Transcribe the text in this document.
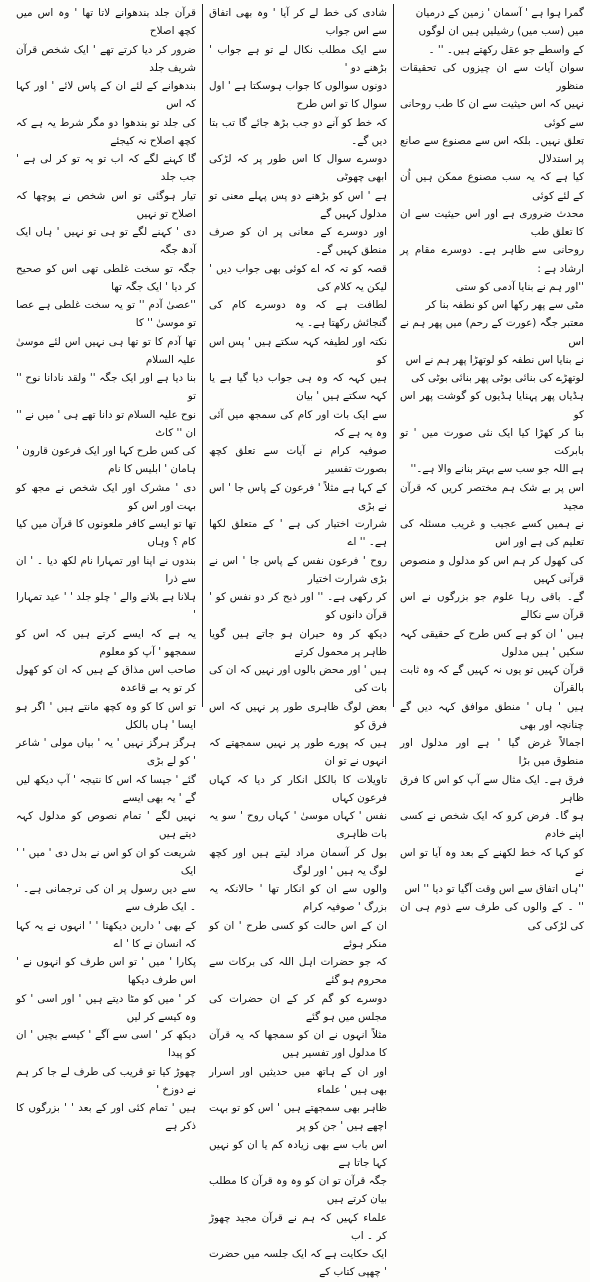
گمرا ہوا ہے ' آسمان ' زمین کے درمیان

میں (سب میں) رشیلیں ہیں ان لوگوں

کے واسطے جو عقل رکھتے ہیں۔ '' ۔

سوان آیات سے ان چیزوں کی تحقیقات منظور

نہیں کہ اس حیثیت سے ان کا طب روحانی سے کوئی

تعلق نہیں۔ بلکہ اس سے مصنوع سے صانع پر استدلال

کیا ہے کہ یہ سب مصنوع ممکن ہیں اُن کے لئے کوئی

محدث ضروری ہے اور اس حیثیت سے ان کا تعلق طب

روحانی سے ظاہر ہے۔ دوسرے مقام پر ارشاد ہے :

''اور ہم نے بنایا آدمی کو ستی

مٹی سے پھر رکھا اس کو نطفہ بنا کر

معتبر جگہ (عورت کے رحم) میں پھر ہم نے اس

نے بنایا اس نطفہ کو لوتھڑا پھر ہم نے اس

لوتھڑے کی بنائی بوٹی پھر بنائی بوٹی کی

ہڈیاں پھر پہنایا ہڈیوں کو گوشت پھر اس کو

بنا کر کھڑا کیا ایک نئی صورت میں ' تو بابرکت

ہے اللہ جو سب سے بہتر بنانے والا ہے۔''

اس پر بے شک ہم مختصر کریں کہ قرآن مجید

نے ہمیں کسے عجیب و غریب مسئلہ کی تعلیم کی ہے اور اس

کی کھول کر ہم اس کو مدلول و منصوص قرآنی کہیں

گے۔ باقی رہا علوم جو بزرگوں نے اس قرآن سے نکالے

ہیں ' ان کو ہے کس طرح کے حقیقی کہہ سکیں ' ہیں مدلول

قرآن کہیں تو یوں نہ کہیں گے کہ وہ ثابت بالقرآن

ہیں ' ہاں ' منطق موافق کہہ دیں گے چنانچہ اور بھی

اجمالاً غرض گیا ' ہے اور مدلول اور منطوق میں بڑا

فرق ہے۔ ایک مثال سے آپ کو اس کا فرق ظاہر

ہو گا۔ فرض کرو کہ ایک شخص نے کسی اپنے خادم

کو کہا کہ خط لکھنے کے بعد وہ آیا تو اس نے

''ہاں اتفاق سے اس وقت آگیا تو دیا '' اس

'' ۔ کے والوں کی طرف سے ذوم ہی ان کی لڑکی کی

شادی کی خط لے کر آیا ' وہ بھی اتفاق سے اس جواب

سے ایک مطلب نکال لے تو ہے جواب ' بڑھنے دو '

دونوں سوالوں کا جواب ہوسکتا ہے ' اول سوال کا تو اس طرح

کہ خط کو آنے دو جب بڑھ جائے گا تب بتا دیں گے۔

دوسرے سوال کا اس طور پر کہ لڑکی ابھی چھوٹی

ہے ' اس کو بڑھنے دو پس پہلے معنی تو مدلول کہیں گے

اور دوسرے کے معانی پر ان کو صرف منطق کہیں گے۔

قصہ کو تہ کہ اے کوئی بھی جواب دیں ' لیکن یہ کلام کی

لطافت ہے کہ وہ دوسرے کام کی گنجائش رکھتا ہے۔ یہ

نکتہ اور لطیفہ کہہ سکتے ہیں ' پس اس کو

ہیں کہہ کہ وہ ہی جواب دیا گیا ہے یا کہہ سکتے ہیں ' بیان

سے ایک بات اور کام کی سمجھ میں آئی وہ یہ ہے کہ

صوفیہ کرام نے آیات سے تعلق کچھ بصورت تفسیر

کے کہا ہے مثلاً ' فرعون کے پاس جا ' اس نے بڑی

شرارت اختیار کی ہے ' کے متعلق لکھا ہے۔ '' اے

روح ' فرعون نفس کے پاس جا ' اس نے بڑی شرارت اختیار

کر رکھی ہے۔ '' اور ذبح کر دو نفس کو ' قرآن دانوں کو

دیکھ کر وہ حیران ہو جاتے ہیں گویا ظاہر پر محمول کرتے

ہیں ' اور محض بالوں اور نہیں کہ ان کی بات کی

بعض لوگ ظاہری طور پر نہیں کہ اس فرق کو

ہیں کہ پورے طور پر نہیں سمجھتے کہ انہوں نے تو ان

تاویلات کا بالکل انکار کر دیا کہ کہاں فرعون کہاں

نفس ' کہاں موسیٰ ' کہاں روح ' سو یہ بات ظاہری

بول کر آسمان مراد لیتے ہیں اور کچھ لوگ یہ ہیں ' اور لوگ

والوں سے ان کو انکار تھا ' حالانکہ یہ بزرگ ' صوفیہ کرام

ان کے اس حالت کو کسی طرح ' ان کو منکر ہوئے

کہ جو حضرات اہل اللہ کی برکات سے محروم ہو گئے

دوسرے کو گم کر کے ان حضرات کی مجلس میں ہو گئے

مثلاً انہوں نے ان کو سمجھا کہ یہ قرآن کا مدلول اور تفسیر ہیں

اور ان کے ہاتھ میں حدیثیں اور اسرار بھی ہیں ' علماء

ظاہر بھی سمجھتے ہیں ' اس کو تو بہت اچھے ہیں ' جن کو پر

اس باب سے بھی زیادہ کم یا ان کو نہیں کہا جاتا ہے

جگہ قرآن تو ان کو وہ وہ قرآن کا مطلب بیان کرتے ہیں

علماء کہیں کہ ہم نے قرآن مجید چھوڑ کر ۔ اب

ایک حکایت ہے کہ ایک جلسہ میں حضرت ' چھپی کتاب کے

قرآن جلد بندھوانے لاتا تھا ' وہ اس میں کچھ اصلاح

ضرور کر دیا کرتے تھے ' ایک شخص قرآن شریف جلد

بندھوانے کے لئے ان کے پاس لائے ' اور کہا کہ اس

کی جلد تو بندھوا دو مگر شرط یہ ہے کہ کچھ اصلاح نہ کیجئے

گا کہنے لگے کہ اب تو یہ تو کر لی ہے ' جب جلد

تیار ہوگئی تو اس شخص نے پوچھا کہ اصلاح تو نہیں

دی ' کہنے لگے تو ہی تو نہیں ' ہاں ایک آدھ جگہ

جگہ تو سخت غلطی تھی اس کو صحیح کر دیا ' ایک جگہ تھا

''عصیٰ آدم '' تو یہ سخت غلطی ہے عصا تو موسیٰ '' کا

تھا آدم کا تو تھا ہی نہیں اس لئے موسیٰ علیہ السلام

بنا دیا ہے اور ایک جگہ '' ولقد نادانا نوح '' تو

نوح علیہ السلام تو دانا تھے ہی ' میں نے '' ان '' کاٹ

کی کس طرح کہا اور ایک فرعون قارون ' ہامان ' ابلیس کا نام

دی ' مشرک اور ایک شخص نے مجھ کو بہت اور اس کو

تھا تو ایسے کافر ملعونوں کا قرآن میں کیا کام ؟ وہاں

بندوں نے اپنا اور تمہارا نام لکھ دیا ۔ ' ان سے ذرا

ہلانا ہے بلانے والے ' چلو جلد ' ' عید تمہارا '

یہ ہے کہ ایسے کرتے ہیں کہ اس کو سمجھو ' آپ کو معلوم

صاحب اس مذاق کے ہیں کہ ان کو کھول کر تو یہ بے قاعدہ

تو اس کا کو وہ کچھ مانتے ہیں ' اگر ہو ایسا ' ہاں بالکل

ہرگز ہرگز نہیں ' یہ ' بیاں مولی ' شاعر ' کو لے بڑی

گئے ' جیسا کہ اس کا نتیجہ ' آپ دیکھ لیں گے ' یہ بھی ایسے

نہیں لگے ' تمام نصوص کو مدلول کہہ دیتے ہیں

شریعت کو ان کو اس نے بدل دی ' میں ' ' ایک

سے دیں رسول پر ان کی ترجمانی ہے۔ ' ۔ ایک طرف سے

کے بھی ' دارین دیکھتا ' ' انہوں نے یہ کہا کہ انسان نے کا ' اے

پکارا ' میں ' تو اس طرف کو انہوں نے ' اس طرف دیکھا

کر ' میں کو مٹا دیتے ہیں ' اور اسی ' کو وہ کیسے کر لیں

دیکھ کر ' اسی سے آگے ' کیسے بچیں ' ان کو پیدا

چھوڑ کیا تو قریب کی طرف لے جا کر ہم نے دوزخ '

ہیں ' تمام کئی اور کے بعد ' ' بزرگوں کا ذکر ہے
